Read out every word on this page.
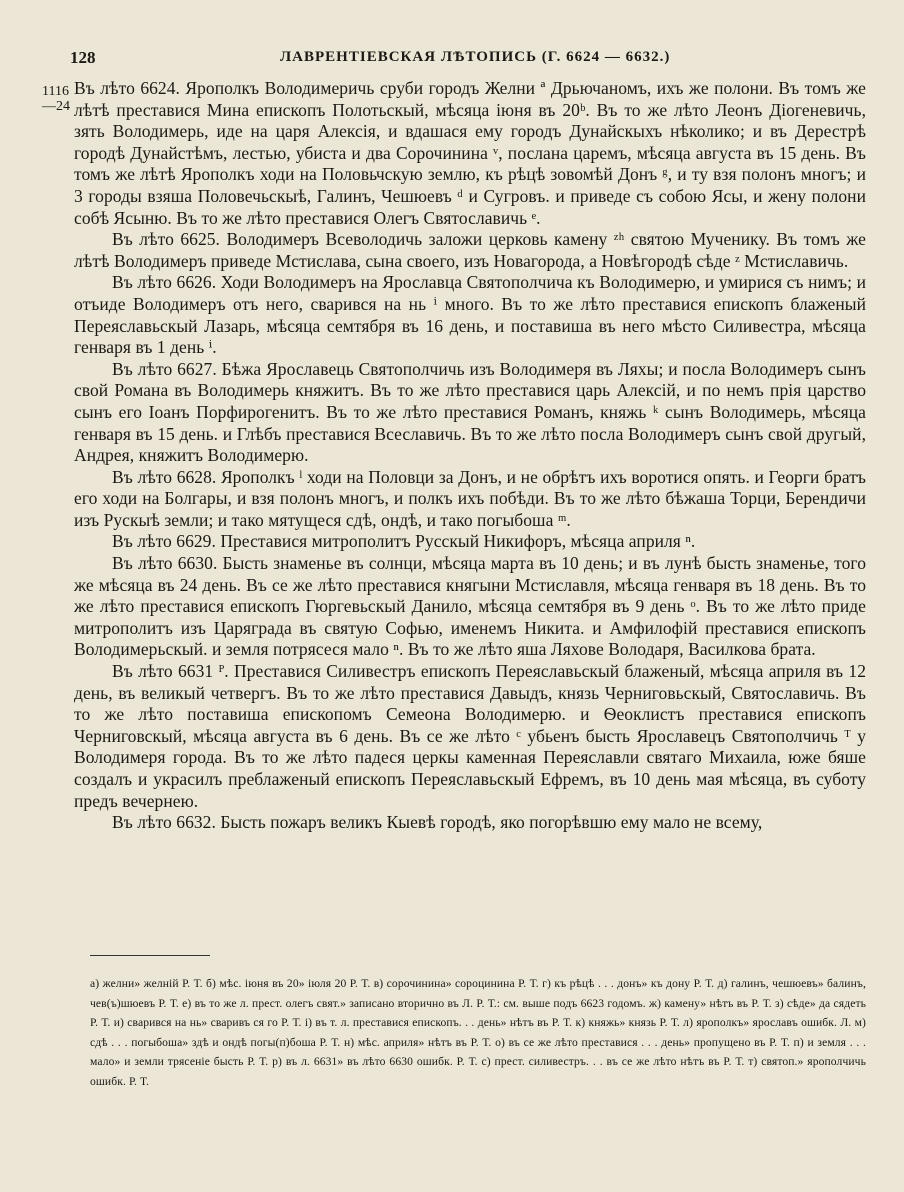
128	ЛАВРЕНТІЕВСКАЯ ЛѢТОПИСЬ (Г. 6624 — 6632.)
1116
—24

Въ лѣто 6624. Ярополкъ Володимеричь сруби городъ Желни ª Дрьючаномъ, ихъ же полони. Въ томъ же лѣтѣ преставися Мина епископъ Полотьскый, мѣсяца іюня въ 20ᵇ. Въ то же лѣто Леонъ Діогеневичь, зять Володимерь, иде на царя Алексія, и вдашася ему городъ Дунайскыхъ нѣколико; и въ Дерестрѣ городѣ Дунайстѣмъ, лестью, убиста и два Сорочинина ᵛ, послана царемъ, мѣсяца августа въ 15 день. Въ томъ же лѣтѣ Ярополкъ ходи на Половьчскую землю, къ рѣцѣ зовомѣй Донъ ᵍ, и ту взя полонъ многъ; и 3 городы взяша Половечьскыѣ, Галинъ, Чешюевъ ᵈ и Сугровъ. и приведе съ собою Ясы, и жену полони собѣ Ясыню. Въ то же лѣто преставися Олегъ Святославичь ᵉ.

Въ лѣто 6625. Володимеръ Всеволодичь заложи церковь камену ᶻʰ святою Мученику. Въ томъ же лѣтѣ Володимеръ приведе Мстислава, сына своего, изъ Новагорода, а Новѣгородѣ сѣде ᶻ Мстиславичь.

Въ лѣто 6626. Ходи Володимеръ на Ярославца Святополчича къ Володимерю, и умирися съ нимъ; и отъиде Володимеръ отъ него, сварився на нь ⁱ много. Въ то же лѣто преставися епископъ блаженый Переяславьскый Лазарь, мѣсяца семтября въ 16 день, и поставиша въ него мѣсто Силивестра, мѣсяца генваря въ 1 день ⁱ.

Въ лѣто 6627. Бѣжа Ярославець Святополчичь изъ Володимеря въ Ляхы; и посла Володимеръ сынъ свой Романа въ Володимерь княжитъ. Въ то же лѣто преставися царь Алексій, и по немъ прія царство сынъ его Іоанъ Порфирогенитъ. Въ то же лѣто преставися Романъ, княжь ᵏ сынъ Володимерь, мѣсяца генваря въ 15 день. и Глѣбъ преставися Всеславичь. Въ то же лѣто посла Володимеръ сынъ свой другый, Андрея, княжитъ Володимерю.

Въ лѣто 6628. Ярополкъ ˡ ходи на Половци за Донъ, и не обрѣтъ ихъ воротися опять. и Георги братъ его ходи на Болгары, и взя полонъ многъ, и полкъ ихъ побѣди. Въ то же лѣто бѣжаша Торци, Берендичи изъ Рускыѣ земли; и тако мятущеся сдѣ, ондѣ, и тако погыбоша ᵐ.

Въ лѣто 6629. Преставися митрополитъ Русскый Никифоръ, мѣсяца априля ⁿ.

Въ лѣто 6630. Бысть знаменье въ солнци, мѣсяца марта въ 10 день; и въ лунѣ бысть знаменье, того же мѣсяца въ 24 день. Въ се же лѣто преставися княгыни Мстиславля, мѣсяца генваря въ 18 день. Въ то же лѣто преставися епископъ Гюргевьскый Данило, мѣсяца семтября въ 9 день ᵒ. Въ то же лѣто приде митрополитъ изъ Царяграда въ святую Софью, именемъ Никита. и Амфилофій преставися епископъ Володимерьскый. и земля потрясеся мало ⁿ. Въ то же лѣто яша Ляхове Володаря, Василкова брата.

Въ лѣто 6631 ᴾ. Преставися Силивестръ епископъ Переяславьскый блаженый, мѣсяца априля въ 12 день, въ великый четвергъ. Въ то же лѣто преставися Давыдъ, князь Черниговьскый, Святославичь. Въ то же лѣто поставиша епископомъ Семеона Володимерю. и Ѳеоклистъ преставися епископъ Черниговскый, мѣсяца августа въ 6 день. Въ се же лѣто ᶜ убьенъ бысть Ярославецъ Святополчичь ᵀ у Володимеря города. Въ то же лѣто падеся церкы каменная Переяславли святаго Михаила, юже бяше создалъ и украсилъ преблаженый епископъ Переяславьскый Ефремъ, въ 10 день мая мѣсяца, въ суботу предъ вечернею.

Въ лѣто 6632. Бысть пожаръ великъ Кыевѣ городѣ, яко погорѣвшю ему мало не всему,

а) желни» желній Р. Т. б) мѣс. іюня въ 20» іюля 20 Р. Т. в) сорочинина» сороцинина Р. Т. г) къ рѣцѣ . . . донъ» къ дону Р. Т. д) галинъ, чешюевъ» балинъ, чев(ъ)шюевъ Р. Т. е) въ то же л. прест. олегъ свят.» записано вторично въ Л. Р. Т.: см. выше подъ 6623 годомъ. ж) камену» нѣтъ въ Р. Т. з) сѣде» да сядеть Р. Т. и) сварився на нь» сваривъ ся го Р. Т. і) въ т. л. преставися епископъ. . . день» нѣтъ въ Р. Т. к) княжь» князь Р. Т. л) ярополкъ» ярославъ ошибк. Л. м) сдѣ . . . погыбоша» здѣ и ондѣ погы(п)боша Р. Т. н) мѣс. априля» нѣтъ въ Р. Т. о) въ се же лѣто преставися . . . день» пропущено въ Р. Т. п) и земля . . . мало» и земли трясеніе бысть Р. Т. р) въ л. 6631» въ лѣто 6630 ошибк. Р. Т. с) прест. силивестръ. . . въ се же лѣто нѣтъ въ Р. Т. т) святоп.» ярополчичь ошибк. Р. Т.
